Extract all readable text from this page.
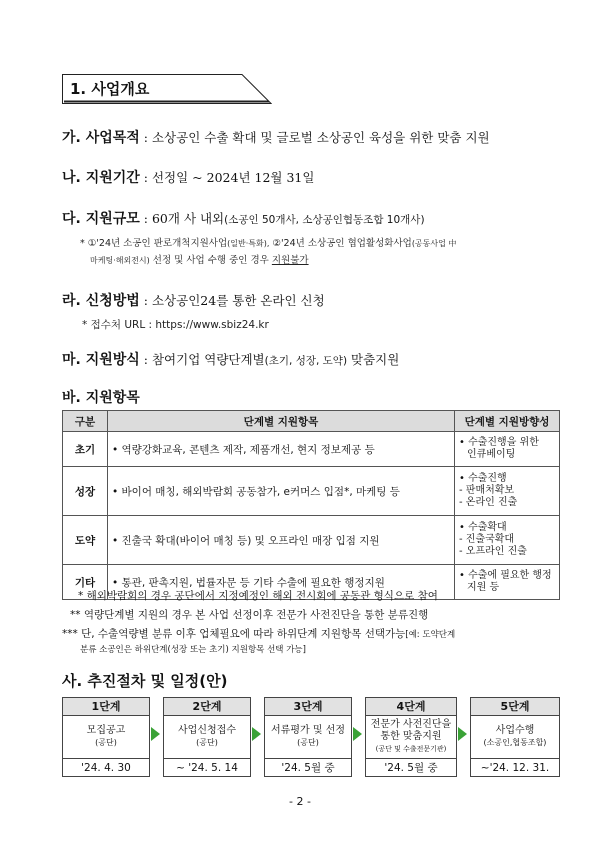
1. 사업개요
가. 사업목적 : 소상공인 수출 확대 및 글로벌 소상공인 육성을 위한 맞춤 지원
나. 지원기간 : 선정일 ~ 2024년 12월 31일
다. 지원규모 : 60개 사 내외(소공인 50개사, 소상공인협동조합 10개사)
* ①'24년 소공인 판로개척지원사업(일반·특화), ②'24년 소상공인 협업활성화사업(공동사업 中
마케팅·해외전시) 선정 및 사업 수행 중인 경우 지원불가
라. 신청방법 : 소상공인24를 통한 온라인 신청
* 접수처 URL : https://www.sbiz24.kr
마. 지원방식 : 참여기업 역량단계별(초기, 성장, 도약) 맞춤지원
바. 지원항목
구분	단계별 지원항목	단계별 지원방향성
초기	• 역량강화교육, 콘텐츠 제작, 제품개선, 현지 정보제공 등	• 수출진행을 위한
인큐베이팅

성장	• 바이어 매칭, 해외박람회 공동참가, e커머스 입점*, 마케팅 등	• 수출진행
- 판매처확보
- 온라인 진출

도약	• 진출국 확대(바이어 매칭 등) 및 오프라인 매장 입점 지원	• 수출확대
- 진출국확대
- 오프라인 진출

기타	• 통관, 판촉지원, 법률자문 등 기타 수출에 필요한 행정지원	• 수출에 필요한 행정
지원 등
* 해외박람회의 경우 공단에서 지정예정인 해외 전시회에 공동관 형식으로 참여
** 역량단계별 지원의 경우 본 사업 선정이후 전문가 사전진단을 통한 분류진행
*** 단, 수출역량별 분류 이후 업체필요에 따라 하위단계 지원항목 선택가능[예: 도약단계
분류 소공인은 하위단계(성장 또는 초기) 지원항목 선택 가능]
사. 추진절차 및 일정(안)
1단계
모집공고
(공단)
'24. 4. 30
2단계
사업신청접수
(공단)
~ '24. 5. 14
3단계
서류평가 및 선정
(공단)
'24. 5월 중
4단계
전문가 사전진단을
통한 맞춤지원
(공단 및 수출전문기관)
'24. 5월 중
5단계
사업수행
(소공인,협동조합)
~'24. 12. 31.
- 2 -
